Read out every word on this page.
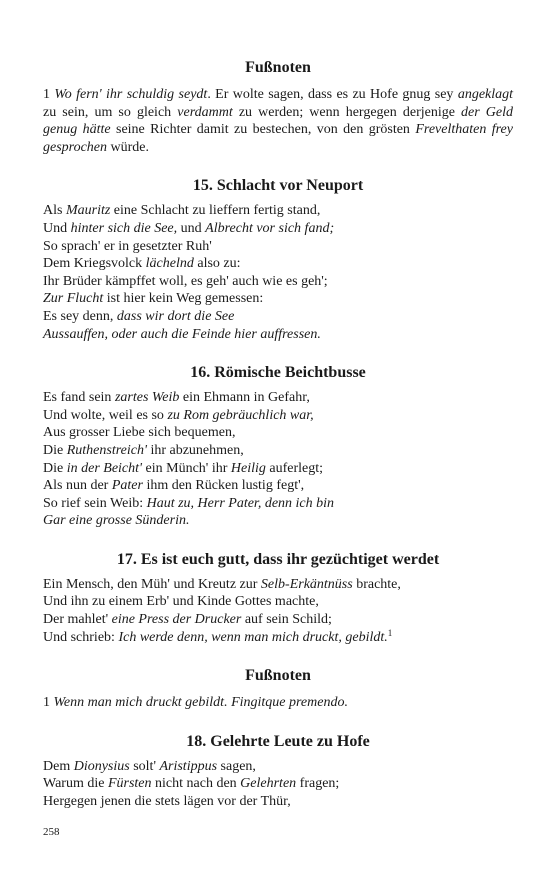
Fußnoten
1 Wo fern' ihr schuldig seydt. Er wolte sagen, dass es zu Hofe gnug sey angeklagt zu sein, um so gleich verdammt zu werden; wenn hergegen derjenige der Geld genug hätte seine Richter damit zu bestechen, von den grösten Frevelthaten frey gesprochen würde.
15. Schlacht vor Neuport
Als Mauritz eine Schlacht zu lieffern fertig stand,
Und hinter sich die See, und Albrecht vor sich fand;
So sprach' er in gesetzter Ruh'
Dem Kriegsvolck lächelnd also zu:
Ihr Brüder kämpffet woll, es geh' auch wie es geh';
Zur Flucht ist hier kein Weg gemessen:
Es sey denn, dass wir dort die See
Aussauffen, oder auch die Feinde hier auffressen.
16. Römische Beichtbusse
Es fand sein zartes Weib ein Ehmann in Gefahr,
Und wolte, weil es so zu Rom gebräuchlich war,
Aus grosser Liebe sich bequemen,
Die Ruthenstreich' ihr abzunehmen,
Die in der Beicht' ein Münch' ihr Heilig auferlegt;
Als nun der Pater ihm den Rücken lustig fegt',
So rief sein Weib: Haut zu, Herr Pater, denn ich bin
Gar eine grosse Sünderin.
17. Es ist euch gutt, dass ihr gezüchtiget werdet
Ein Mensch, den Müh' und Kreutz zur Selb-Erkäntnüss brachte,
Und ihn zu einem Erb' und Kinde Gottes machte,
Der mahlet' eine Press der Drucker auf sein Schild;
Und schrieb: Ich werde denn, wenn man mich druckt, gebildt.$^1$
Fußnoten
1 Wenn man mich druckt gebildt. Fingitque premendo.
18. Gelehrte Leute zu Hofe
Dem Dionysius solt' Aristippus sagen,
Warum die Fürsten nicht nach den Gelehrten fragen;
Hergegen jenen die stets lägen vor der Thür,
258
